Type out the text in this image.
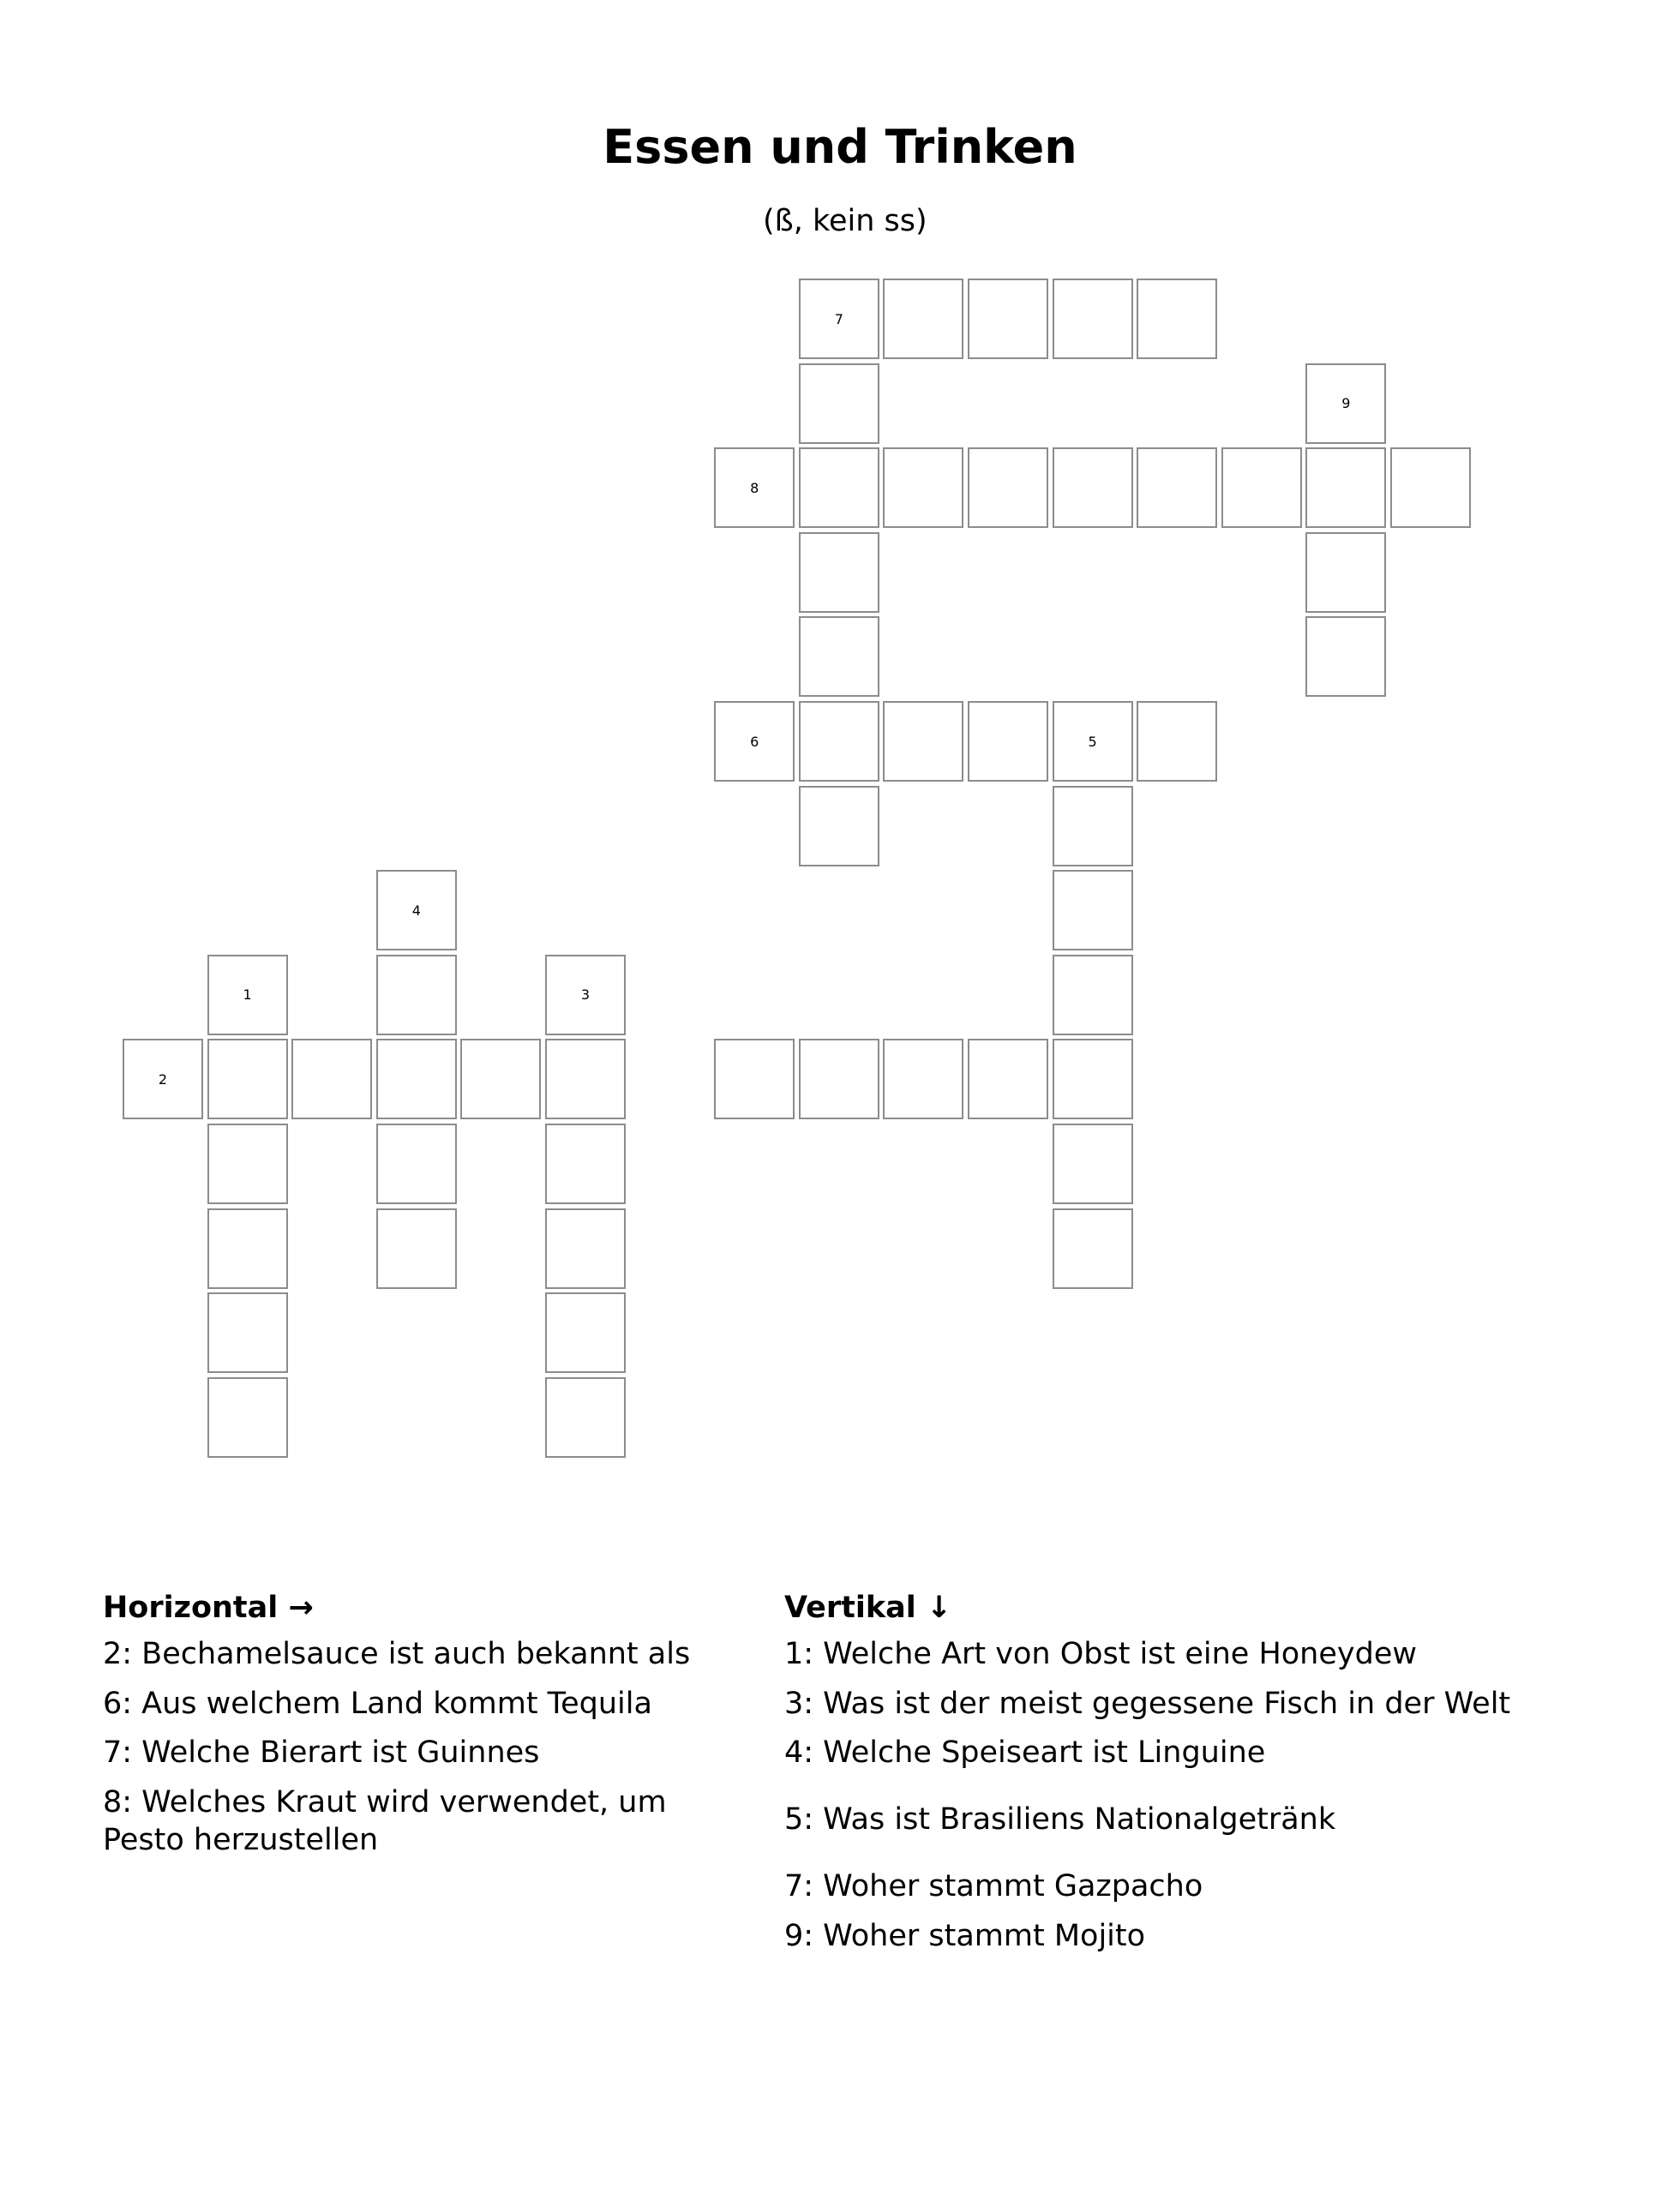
Essen und Trinken
(ß, kein ss)
7
9
8
6	5
4
1	3
2
Horizontal →
2: Bechamelsauce ist auch bekannt als
6: Aus welchem Land kommt Tequila
7: Welche Bierart ist Guinnes
8: Welches Kraut wird verwendet, um Pesto herzustellen
Vertikal ↓
1: Welche Art von Obst ist eine Honeydew
3: Was ist der meist gegessene Fisch in der Welt
4: Welche Speiseart ist Linguine
5: Was ist Brasiliens Nationalgetränk
7: Woher stammt Gazpacho
9: Woher stammt Mojito
